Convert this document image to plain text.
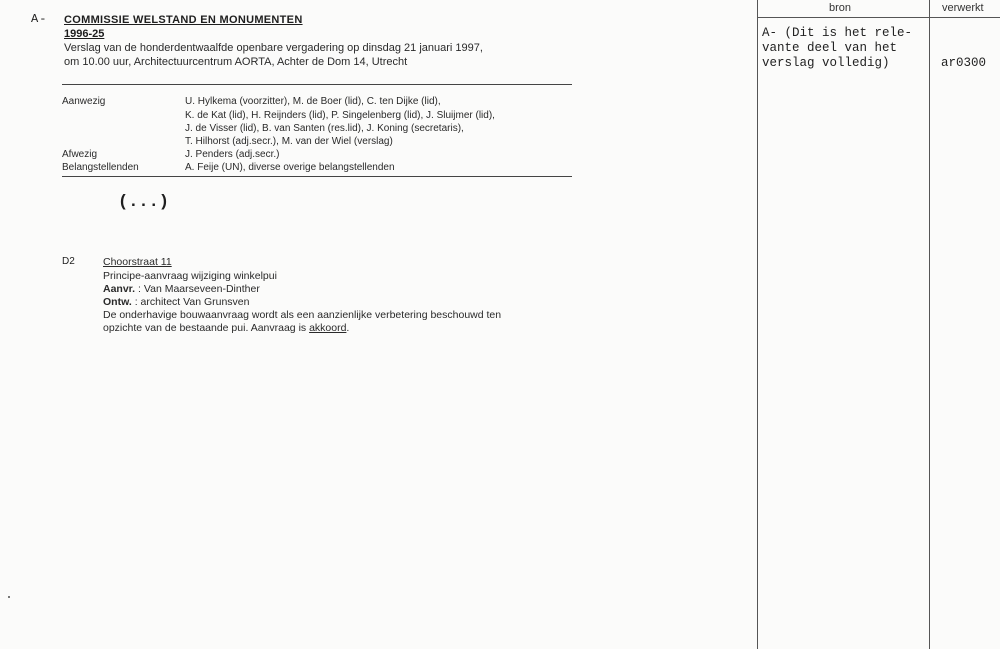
A- COMMISSIE WELSTAND EN MONUMENTEN
1996-25
Verslag van de honderdentwaalfde openbare vergadering op dinsdag 21 januari 1997,
om 10.00 uur, Architectuurcentrum AORTA, Achter de Dom 14, Utrecht
Aanwezig	U. Hylkema (voorzitter), M. de Boer (lid), C. ten Dijke (lid),
K. de Kat (lid), H. Reijnders (lid), P. Singelenberg (lid), J. Sluijmer (lid),
J. de Visser (lid), B. van Santen (res.lid), J. Koning (secretaris),
T. Hilhorst (adj.secr.), M. van der Wiel (verslag)
Afwezig	J. Penders (adj.secr.)
Belangstellenden	A. Feije (UN), diverse overige belangstellenden
(...)
D2	Choorstraat 11
Principe-aanvraag wijziging winkelpui
Aanvr. : Van Maarseveen-Dinther
Ontw. : architect Van Grunsven
De onderhavige bouwaanvraag wordt als een aanzienlijke verbetering beschouwd ten
opzichte van de bestaande pui. Aanvraag is akkoord.
bron	verwerkt
A- (Dit is het rele-
vante deel van het
verslag volledig)	ar0300
